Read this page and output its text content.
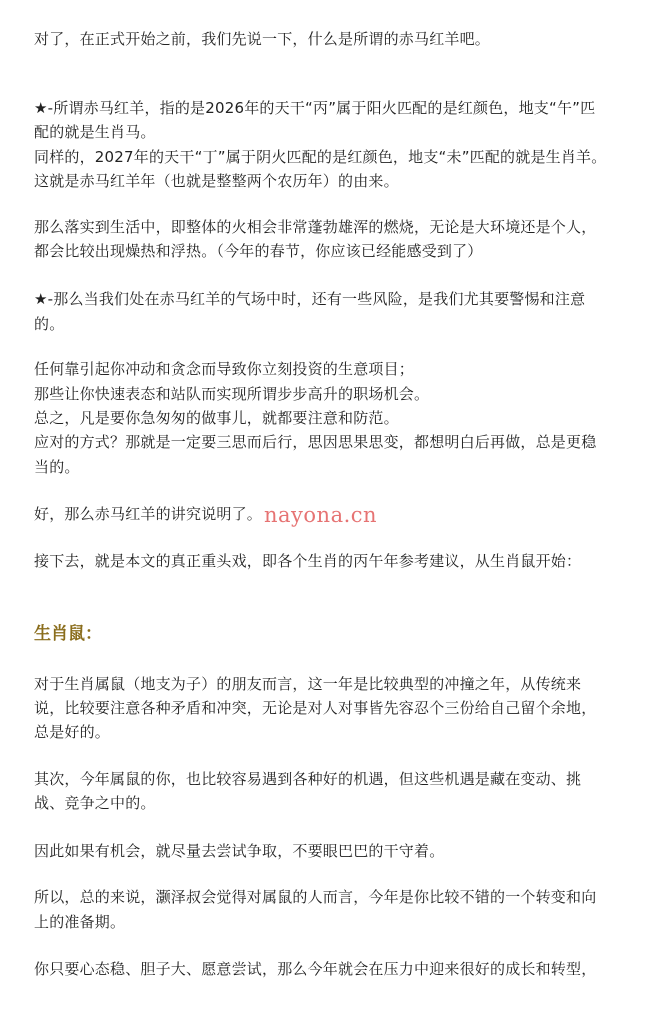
对了，在正式开始之前，我们先说一下，什么是所谓的赤马红羊吧。
★-所谓赤马红羊，指的是2026年的天干“丙”属于阳火匹配的是红颜色，地支“午”匹
配的就是生肖马。
同样的，2027年的天干“丁”属于阴火匹配的是红颜色，地支“未”匹配的就是生肖羊。
这就是赤马红羊年（也就是整整两个农历年）的由来。
那么落实到生活中，即整体的火相会非常蓬勃雄浑的燃烧，无论是大环境还是个人，
都会比较出现燥热和浮热。（今年的春节，你应该已经能感受到了）
★-那么当我们处在赤马红羊的气场中时，还有一些风险，是我们尤其要警惕和注意
的。
任何靠引起你冲动和贪念而导致你立刻投资的生意项目；
那些让你快速表态和站队而实现所谓步步高升的职场机会。
总之，凡是要你急匆匆的做事儿，就都要注意和防范。
应对的方式？那就是一定要三思而后行，思因思果思变，都想明白后再做，总是更稳
当的。
好，那么赤马红羊的讲究说明了。
接下去，就是本文的真正重头戏，即各个生肖的丙午年参考建议，从生肖鼠开始：
生肖鼠：
对于生肖属鼠（地支为子）的朋友而言，这一年是比较典型的冲撞之年，从传统来
说，比较要注意各种矛盾和冲突，无论是对人对事皆先容忍个三份给自己留个余地，
总是好的。
其次，今年属鼠的你，也比较容易遇到各种好的机遇，但这些机遇是藏在变动、挑
战、竞争之中的。
因此如果有机会，就尽量去尝试争取，不要眼巴巴的干守着。
所以，总的来说，灏泽叔会觉得对属鼠的人而言，今年是你比较不错的一个转变和向
上的准备期。
你只要心态稳、胆子大、愿意尝试，那么今年就会在压力中迎来很好的成长和转型，
nayona.cn
